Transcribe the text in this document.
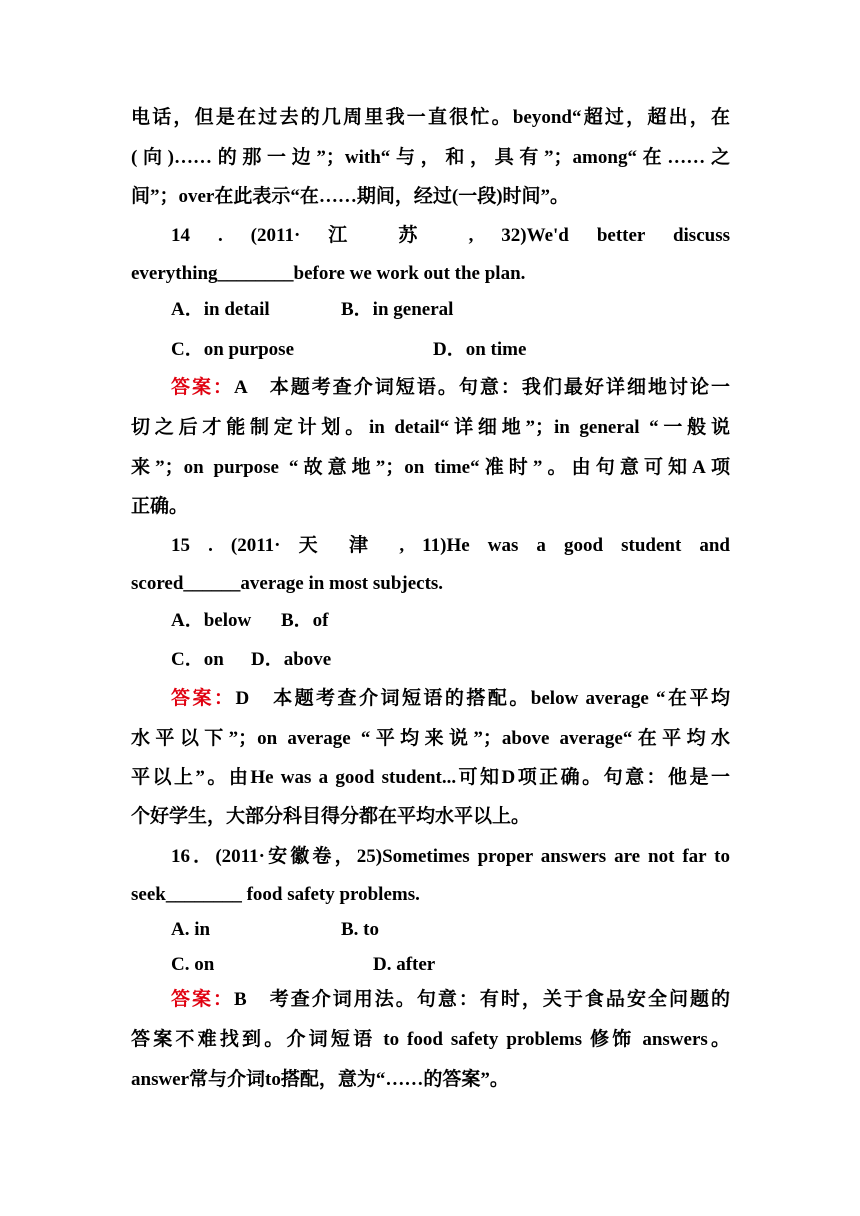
电话，但是在过去的几周里我一直很忙。beyond“超过，超出，在
(向)……的那一边”；with“与，和，具有”；among“在……之
间”；over在此表示“在……期间，经过(一段)时间”。
14 . (2011· 江 苏 , 32)We'd better discuss
everything________before we work out the plan.
A．in detail	B．in general
C．on purpose	D．on time
答案：A　本题考查介词短语。句意：我们最好详细地讨论一
切之后才能制定计划。in detail“详细地”；in general “一般说
来”；on purpose “故意地”；on time“准时”。由句意可知A项
正确。
15 . (2011· 天 津 , 11)He was a good student and
scored______average in most subjects.
A．below B．of
C．on D．above
答案：D　本题考查介词短语的搭配。below average “在平均
水平以下”；on average “平均来说”；above average“在平均水
平以上”。由He was a good student...可知D项正确。句意：他是一
个好学生，大部分科目得分都在平均水平以上。
16．(2011·安徽卷，25)Sometimes proper answers are not far to
seek________ food safety problems.
A. in	B. to
C. on	D. after
答案：B　考查介词用法。句意：有时，关于食品安全问题的
答案不难找到。介词短语 to food safety problems 修饰 answers。
answer常与介词to搭配，意为“……的答案”。
